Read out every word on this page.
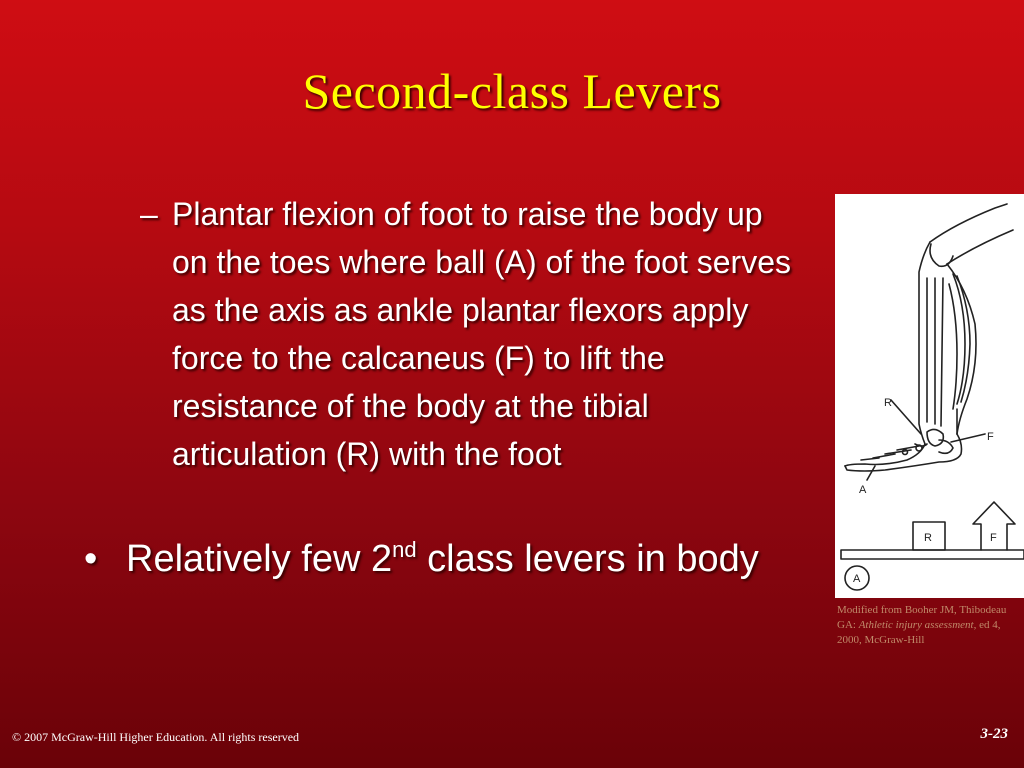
Second-class Levers
– Plantar flexion of foot to raise the body up on the toes where ball (A) of the foot serves as the axis as ankle plantar flexors apply force to the calcaneus (F) to lift the resistance of the body at the tibial articulation (R) with the foot
• Relatively few 2nd class levers in body
R
F
A
R	F
A
Modified from Booher JM, Thibodeau GA: Athletic injury assessment, ed 4, 2000, McGraw-Hill
© 2007 McGraw-Hill Higher Education. All rights reserved	3-23
